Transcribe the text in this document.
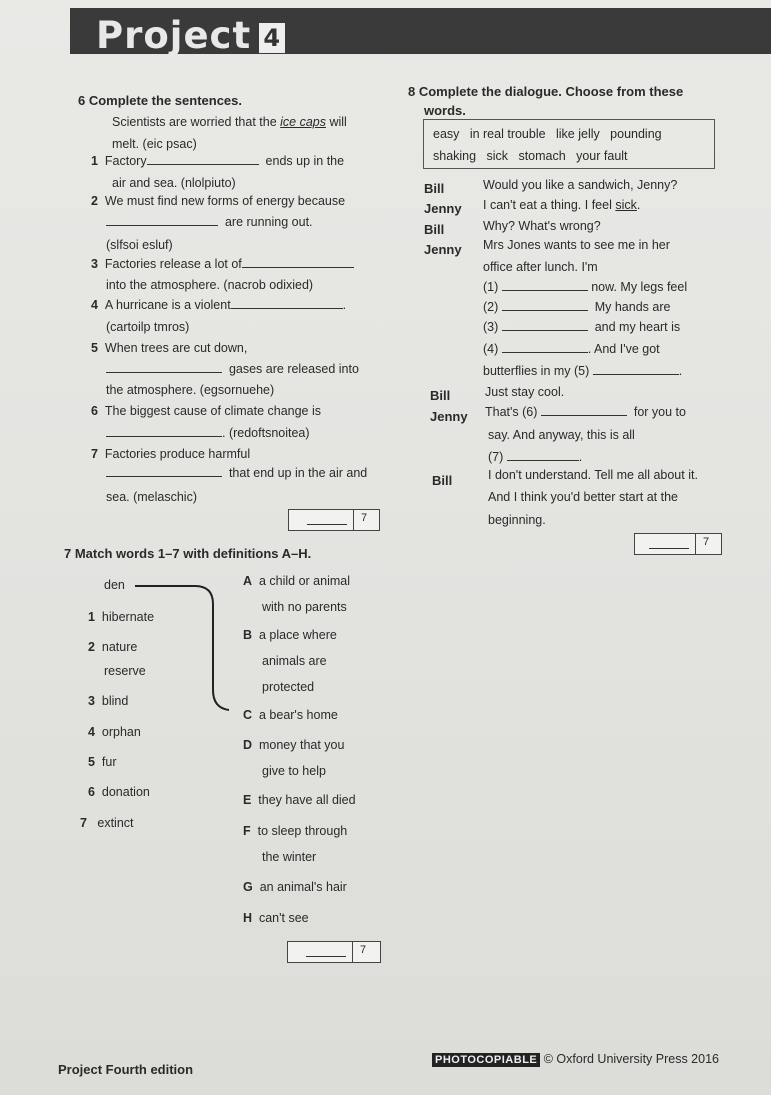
Project 4
6 Complete the sentences.
Scientists are worried that the ice caps will
melt. (eic psac)
1 Factory	ends up in the
air and sea. (nlolpiuto)
2 We must find new forms of energy because
are running out.
(slfsoi esluf)
3 Factories release a lot of
into the atmosphere. (nacrob odixied)
4 A hurricane is a violent	.
(cartoilp tmros)
5 When trees are cut down,
gases are released into
the atmosphere. (egsornuehe)
6 The biggest cause of climate change is
. (redoftsnoitea)
7 Factories produce harmful
that end up in the air and
sea. (melaschic)
7
7 Match words 1–7 with definitions A–H.
den
1 hibernate
2 nature
reserve
3 blind
4 orphan
5 fur
6 donation
7 extinct
A a child or animal
with no parents
B a place where
animals are
protected
C a bear's home
D money that you
give to help
E they have all died
F to sleep through
the winter
G an animal's hair
H can't see
7
8 Complete the dialogue. Choose from these
words.
easy   in real trouble   like jelly   pounding
shaking   sick   stomach   your fault
Bill	Would you like a sandwich, Jenny?
Jenny I can't eat a thing. I feel sick.
Bill	Why? What's wrong?
Jenny Mrs Jones wants to see me in her
office after lunch. I'm
(1)	now. My legs feel
(2)	My hands are
(3)	and my heart is
(4)	. And I've got
butterflies in my (5)	.
Bill	Just stay cool.
Jenny That's (6)	for you to
say. And anyway, this is all
(7)	.
Bill	I don't understand. Tell me all about it.
And I think you'd better start at the
beginning.
7
Project Fourth edition
PHOTOCOPIABLE © Oxford University Press 2016
